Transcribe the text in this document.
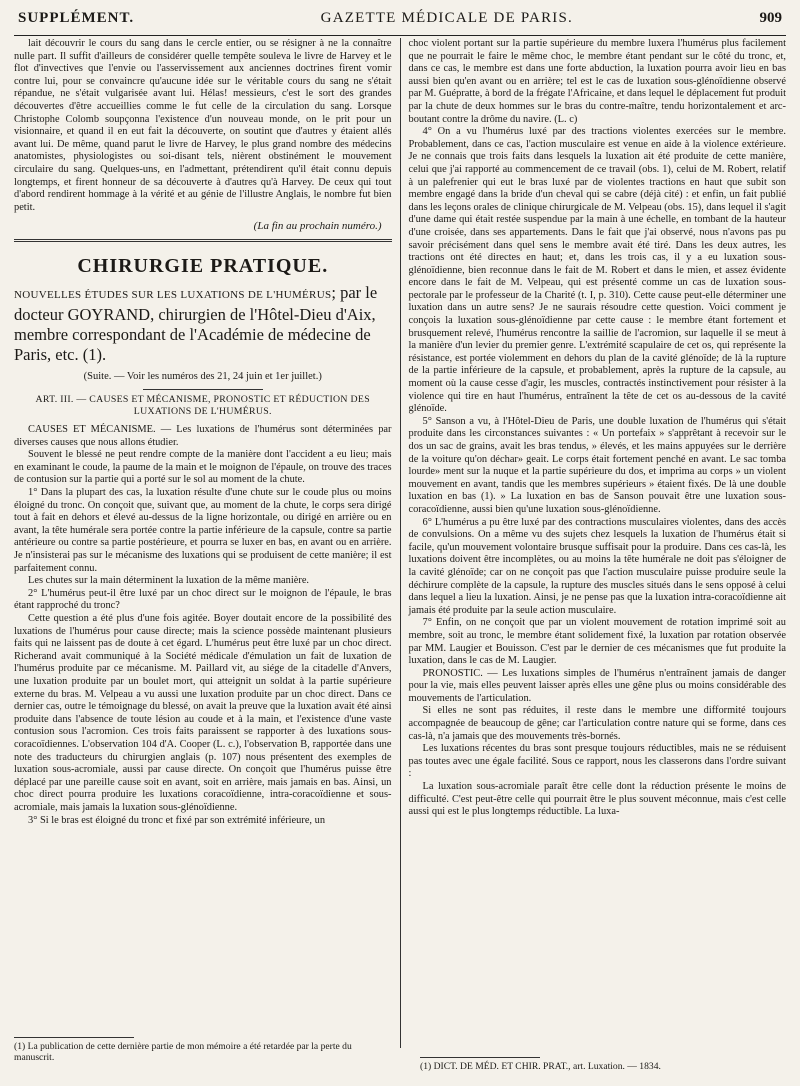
SUPPLÉMENT.	GAZETTE MÉDICALE DE PARIS.	909

lait découvrir le cours du sang dans le cercle entier, ou se résigner à ne la connaître nulle part. Il suffit d'ailleurs de considérer quelle tempête souleva le livre de Harvey et le flot d'invectives que l'envie ou l'asservissement aux anciennes doctrines firent vomir contre lui, pour se convaincre qu'aucune idée sur le véritable cours du sang ne s'était répandue, ne s'était vulgarisée avant lui. Hélas! messieurs, c'est le sort des grandes découvertes d'être accueillies comme le fut celle de la circulation du sang. Lorsque Christophe Colomb soupçonna l'existence d'un nouveau monde, on le prit pour un visionnaire, et quand il en eut fait la découverte, on soutint que d'autres y étaient allés avant lui. De même, quand parut le livre de Harvey, le plus grand nombre des médecins anatomistes, physiologistes ou soi-disant tels, nièrent obstinément le mouvement circulaire du sang. Quelques-uns, en l'admettant, prétendirent qu'il était connu depuis longtemps, et firent honneur de sa découverte à d'autres qu'à Harvey. De ceux qui tout d'abord rendirent hommage à la vérité et au génie de l'illustre Anglais, le nombre fut bien petit.

(La fin au prochain numéro.)
CHIRURGIE PRATIQUE.
NOUVELLES ÉTUDES SUR LES LUXATIONS DE L'HUMÉRUS; par le docteur GOYRAND, chirurgien de l'Hôtel-Dieu d'Aix, membre correspondant de l'Académie de médecine de Paris, etc. (1).
(Suite. — Voir les numéros des 21, 24 juin et 1er juillet.)
ART. III. — CAUSES ET MÉCANISME, PRONOSTIC ET RÉDUCTION DES LUXATIONS DE L'HUMÉRUS.

CAUSES ET MÉCANISME. — Les luxations de l'humérus sont déterminées par diverses causes que nous allons étudier.

Souvent le blessé ne peut rendre compte de la manière dont l'accident a eu lieu; mais en examinant le coude, la paume de la main et le moignon de l'épaule, on trouve des traces de contusion sur la partie qui a porté sur le sol au moment de la chute.

1° Dans la plupart des cas, la luxation résulte d'une chute sur le coude plus ou moins éloigné du tronc. On conçoit que, suivant que, au moment de la chute, le corps sera dirigé tout à fait en dehors et élevé au-dessus de la ligne horizontale, ou dirigé en arrière ou en avant, la tête humérale sera portée contre la partie inférieure de la capsule, contre sa partie antérieure ou contre sa partie postérieure, et pourra se luxer en bas, en avant ou en arrière. Je n'insisterai pas sur le mécanisme des luxations qui se produisent de cette manière; il est parfaitement connu.

Les chutes sur la main déterminent la luxation de la même manière.

2° L'humérus peut-il être luxé par un choc direct sur le moignon de l'épaule, le bras étant rapproché du tronc?

Cette question a été plus d'une fois agitée. Boyer doutait encore de la possibilité des luxations de l'humérus pour cause directe; mais la science possède maintenant plusieurs faits qui ne laissent pas de doute à cet égard. L'humérus peut être luxé par un choc direct. Richerand avait communiqué à la Société médicale d'émulation un fait de luxation de l'humérus produite par ce mécanisme. M. Paillard vit, au siége de la citadelle d'Anvers, une luxation produite par un boulet mort, qui atteignit un soldat à la partie supérieure externe du bras. M. Velpeau a vu aussi une luxation produite par un choc direct. Dans ce dernier cas, outre le témoignage du blessé, on avait la preuve que la luxation avait été ainsi produite dans l'absence de toute lésion au coude et à la main, et l'existence d'une vaste contusion sous l'acromion. Ces trois faits paraissent se rapporter à des luxations sous-coracoïdiennes. L'observation 104 d'A. Cooper (L. c.), l'observation B, rapportée dans une note des traducteurs du chirurgien anglais (p. 107) nous présentent des exemples de luxation sous-acromiale, aussi par cause directe. On conçoit que l'humérus puisse être déplacé par une pareille cause soit en avant, soit en arrière, mais jamais en bas. Ainsi, un choc direct pourra produire les luxations coracoïdienne, intra-coracoïdienne et sous-acromiale, mais jamais la luxation sous-glénoïdienne.

3° Si le bras est éloigné du tronc et fixé par son extrémité inférieure, un

choc violent portant sur la partie supérieure du membre luxera l'humérus plus facilement que ne pourrait le faire le même choc, le membre étant pendant sur le côté du tronc, et, dans ce cas, le membre est dans une forte abduction, la luxation pourra avoir lieu en bas aussi bien qu'en avant ou en arrière; tel est le cas de luxation sous-glénoïdienne observé par M. Guépratte, à bord de la frégate l'Africaine, et dans lequel le déplacement fut produit par la chute de deux hommes sur le bras du contre-maître, tendu horizontalement et arc-boutant contre la drôme du navire. (L. c)

4° On a vu l'humérus luxé par des tractions violentes exercées sur le membre. Probablement, dans ce cas, l'action musculaire est venue en aide à la violence extérieure. Je ne connais que trois faits dans lesquels la luxation ait été produite de cette manière, celui que j'ai rapporté au commencement de ce travail (obs. 1), celui de M. Robert, relatif à un palefrenier qui eut le bras luxé par de violentes tractions en haut que subit son membre engagé dans la bride d'un cheval qui se cabre (déjà cité) : et enfin, un fait publié dans les leçons orales de clinique chirurgicale de M. Velpeau (obs. 15), dans lequel il s'agit d'une dame qui était restée suspendue par la main à une échelle, en tombant de la hauteur d'une croisée, dans ses appartements. Dans le fait que j'ai observé, nous n'avons pas pu savoir précisément dans quel sens le membre avait été tiré. Dans les deux autres, les tractions ont été directes en haut; et, dans les trois cas, il y a eu luxation sous-glénoïdienne, bien reconnue dans le fait de M. Robert et dans le mien, et assez évidente encore dans le fait de M. Velpeau, qui est présenté comme un cas de luxation sous-pectorale par le professeur de la Charité (t. I, p. 310). Cette cause peut-elle déterminer une luxation dans un autre sens? Je ne saurais résoudre cette question. Voici comment je conçois la luxation sous-glénoïdienne par cette cause : le membre étant fortement et brusquement relevé, l'humérus rencontre la saillie de l'acromion, sur laquelle il se meut à la manière d'un levier du premier genre. L'extrémité scapulaire de cet os, qui représente la résistance, est portée violemment en dehors du plan de la cavité glénoïde; de là la rupture de la partie inférieure de la capsule, et probablement, après la rupture de la capsule, au moment où la cause cesse d'agir, les muscles, contractés instinctivement pour résister à la violence qui tire en haut l'humérus, entraînent la tête de cet os au-dessous de la cavité glénoïde.

5° Sanson a vu, à l'Hôtel-Dieu de Paris, une double luxation de l'humérus qui s'était produite dans les circonstances suivantes : « Un portefaix » s'apprêtant à recevoir sur le dos un sac de grains, avait les bras tendus, » élevés, et les mains appuyées sur le derrière de la voiture qu'on déchar» geait. Le corps était fortement penché en avant. Le sac tomba lourde» ment sur la nuque et la partie supérieure du dos, et imprima au corps » un violent mouvement en avant, tandis que les membres supérieurs » étaient fixés. De là une double luxation en bas (1). » La luxation en bas de Sanson pouvait être une luxation sous-coracoïdienne, aussi bien qu'une luxation sous-glénoïdienne.

6° L'humérus a pu être luxé par des contractions musculaires violentes, dans des accès de convulsions. On a même vu des sujets chez lesquels la luxation de l'humérus était si facile, qu'un mouvement volontaire brusque suffisait pour la produire. Dans ces cas-là, les luxations doivent être incomplètes, ou au moins la tête humérale ne doit pas s'éloigner de la cavité glénoïde; car on ne conçoit pas que l'action musculaire puisse produire seule la déchirure complète de la capsule, la rupture des muscles situés dans le sens opposé à celui dans lequel a lieu la luxation. Ainsi, je ne pense pas que la luxation intra-coracoïdienne ait jamais été produite par la seule action musculaire.

7° Enfin, on ne conçoit que par un violent mouvement de rotation imprimé soit au membre, soit au tronc, le membre étant solidement fixé, la luxation par rotation observée par MM. Laugier et Bouisson. C'est par le dernier de ces mécanismes que fut produite la luxation, dans le cas de M. Laugier.

PRONOSTIC. — Les luxations simples de l'humérus n'entraînent jamais de danger pour la vie, mais elles peuvent laisser après elles une gêne plus ou moins considérable des mouvements de l'articulation.

Si elles ne sont pas réduites, il reste dans le membre une difformité toujours accompagnée de beaucoup de gêne; car l'articulation contre nature qui se forme, dans ces cas-là, n'a jamais que des mouvements très-bornés.

Les luxations récentes du bras sont presque toujours réductibles, mais ne se réduisent pas toutes avec une égale facilité. Sous ce rapport, nous les classerons dans l'ordre suivant :

La luxation sous-acromiale paraît être celle dont la réduction présente le moins de difficulté. C'est peut-être celle qui pourrait être le plus souvent méconnue, mais c'est celle aussi qui est le plus longtemps réductible. La luxa-

(1) La publication de cette dernière partie de mon mémoire a été retardée par la perte du manuscrit.
(1) DICT. DE MÉD. ET CHIR. PRAT., art. Luxation. — 1834.
